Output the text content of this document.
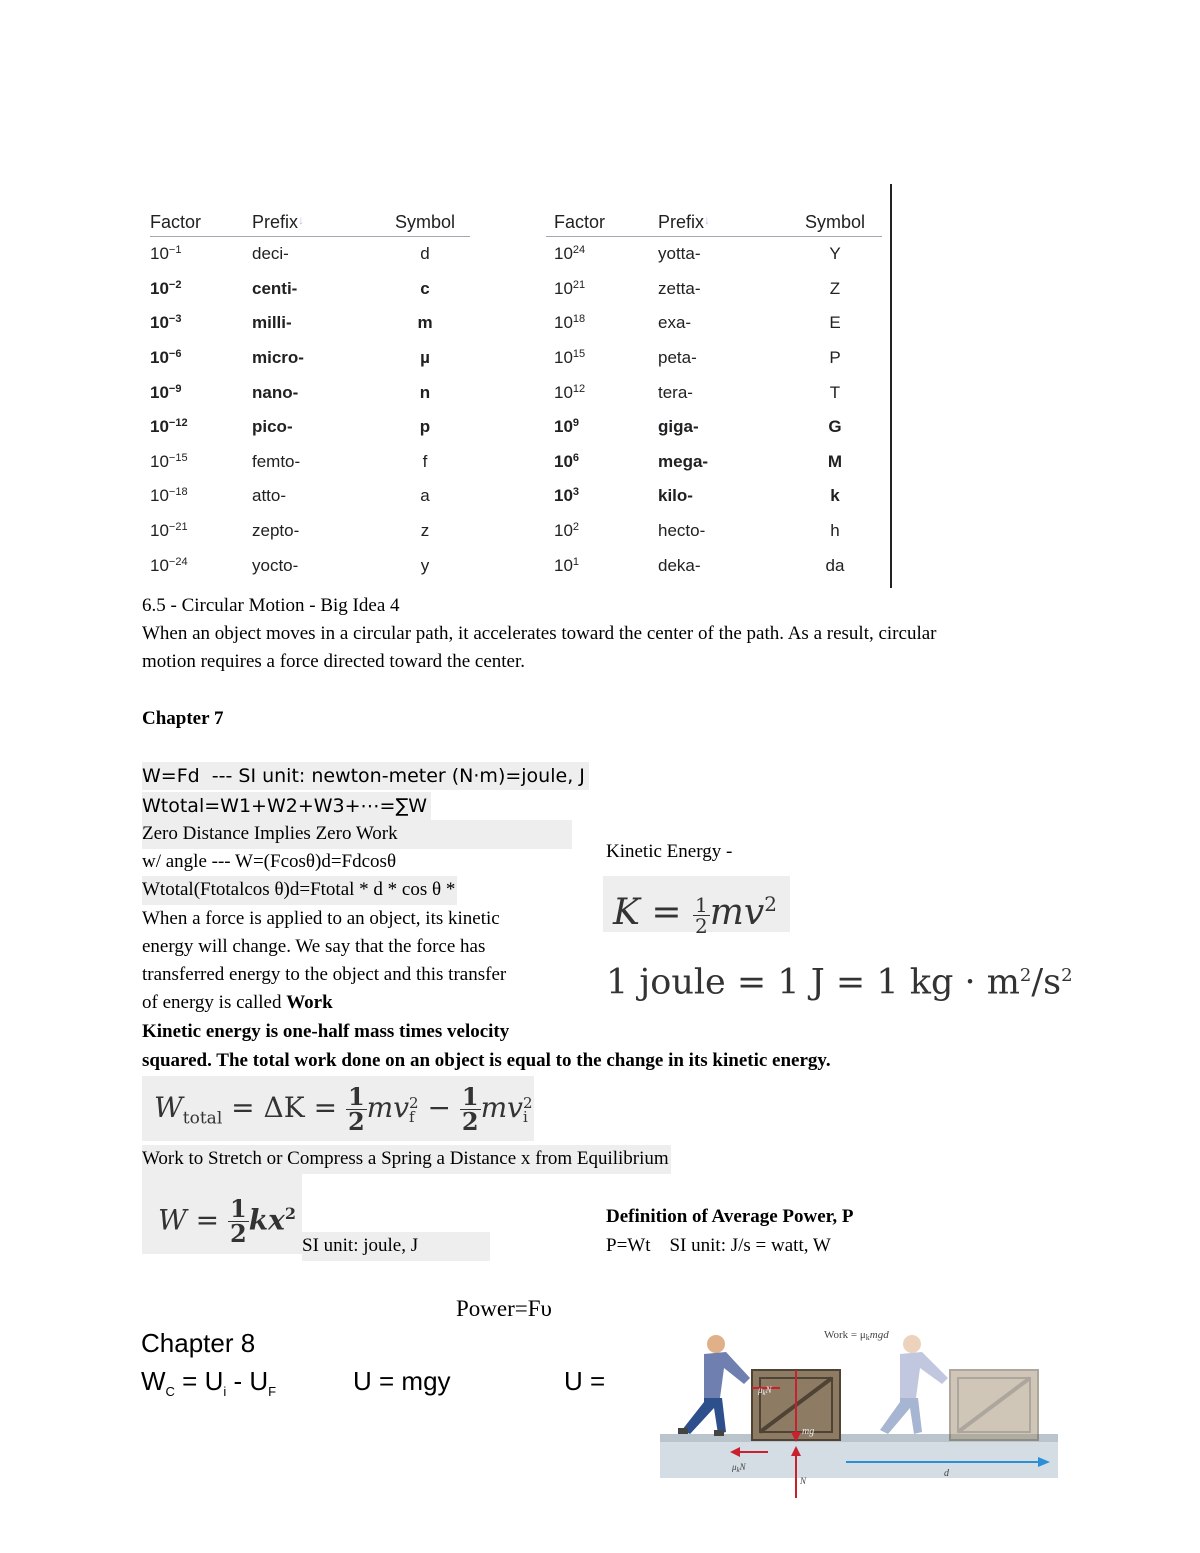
Factor	Prefix↓	Symbol
$10^{-1}$	deci-	d
$10^{-2}$	centi-	c
$10^{-3}$	milli-	m
$10^{-6}$	micro-	µ
$10^{-9}$	nano-	n
$10^{-12}$	pico-	p
$10^{-15}$	femto-	f
$10^{-18}$	atto-	a
$10^{-21}$	zepto-	z
$10^{-24}$	yocto-	y
Factor	Prefix↓	Symbol
$10^{24}$	yotta-	Y
$10^{21}$	zetta-	Z
$10^{18}$	exa-	E
$10^{15}$	peta-	P
$10^{12}$	tera-	T
$10^9$	giga-	G
$10^6$	mega-	M
$10^3$	kilo-	k
$10^2$	hecto-	h
$10^1$	deka-	da
6.5 - Circular Motion - Big Idea 4
When an object moves in a circular path, it accelerates toward the center of the path. As a result, circular
motion requires a force directed toward the center.
Chapter 7
W=Fd  --- SI unit: newton-meter (N·m)=joule, J
Wtotal=W1+W2+W3+⋯=∑W
Zero Distance Implies Zero Work
w/ angle --- W=(Fcosθ)d=Fdcosθ
Wtotal(Ftotalcos θ)d=Ftotal * d * cos θ *
When a force is applied to an object, its kinetic
energy will change. We say that the force has
transferred energy to the object and this transfer
of energy is called Work
Kinetic energy is one-half mass times velocity
squared. The total work done on an object is equal to the change in its kinetic energy.
Kinetic Energy -
$K = \frac{1}{2} mv^2$
1 joule = 1 J = 1 kg · $m^2/s^2$
$W_{total} = \Delta K = \frac{1}{2}$ mv 2
$f - \frac{1}{2}$ mv 2
i
Work to Stretch or Compress a Spring a Distance x from Equilibrium
$W = \frac{1}{2} kx^2$
SI unit: joule, J
Definition of Average Power, P
P=Wt    SI unit: J/s = watt, W
Power=Fυ
Chapter 8
$W_C = U_i - U_F$	U = mgy	U =
Work = μkmgd
$\mu_kN$
mg
N
$\mu_kN$
d
